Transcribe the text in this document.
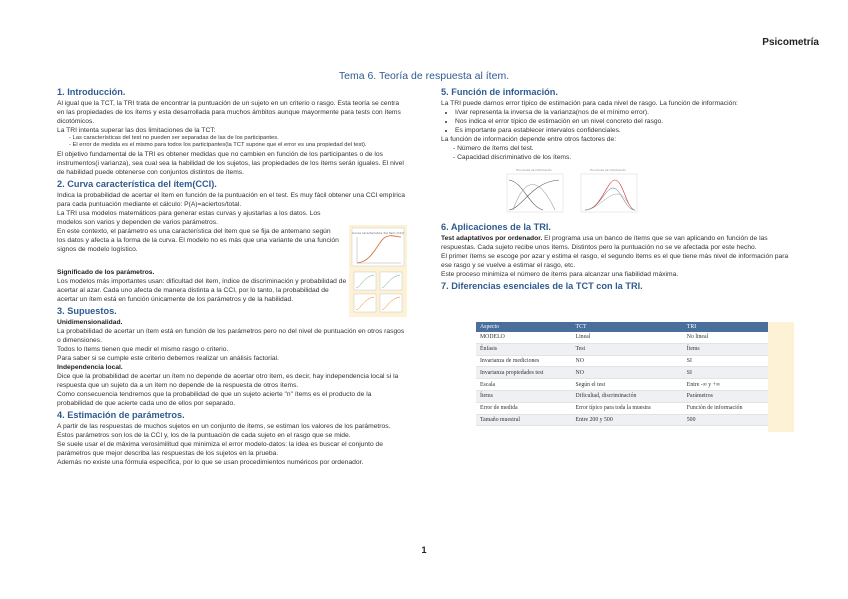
Psicometría
Tema 6. Teoría de respuesta al ítem.
1. Introducción.

Al igual que la TCT, la TRI trata de encontrar la puntuación de un sujeto en un criterio o rasgo. Esta teoría se centra en las propiedades de los ítems y esta desarrollada para muchos ámbitos aunque mayormente para tests con ítems dicotómicos.

La TRI intenta superar las dos limitaciones de la TCT:

- Las características del test no pueden ser separadas de las de los participantes.
- El error de medida es el mismo para todos los participantes(la TCT supone que el error es una propiedad del test).

El objetivo fundamental de la TRI es obtener medidas que no cambien en función de los participantes o de los instrumentos(i varianza), sea cual sea la habilidad de los sujetos, las propiedades de los ítems serán iguales. El nivel de habilidad puede obtenerse con conjuntos distintos de ítems.

2. Curva característica del ítem(CCI).

Indica la probabilidad de acertar el ítem en función de la puntuación en el test. Es muy fácil obtener una CCI empírica para cada puntuación mediante el cálculo: P(A)=aciertos/total.

La TRI usa modelos matemáticos para generar estas curvas y ajustarlas a los datos. Los modelos son varios y dependen de varios parámetros.

En este contexto, el parámetro es una característica del ítem que se fija de antemano según los datos y afecta a la forma de la curva. El modelo no es más que una variante de una función signos de modelo logístico.

Significado de los parámetros.

Los modelos más importantes usan: dificultad del ítem, índice de discriminación y probabilidad de acertar al azar. Cada uno afecta de manera distinta a la CCI, por lo tanto, la probabilidad de acertar un ítem está en función únicamente de los parámetros y de la habilidad.

3. Supuestos.

Unidimensionalidad.

La probabilidad de acertar un ítem está en función de los parámetros pero no del nivel de puntuación en otros rasgos o dimensiones.

Todos lo ítems tienen que medir el mismo rasgo o criterio.

Para saber si se cumple este criterio debemos realizar un análisis factorial.

Independencia local.

Dice que la probabilidad de acertar un ítem no depende de acertar otro ítem, es decir, hay independencia local si la respuesta que un sujeto da a un ítem no depende de la respuesta de otros ítems.

Como consecuencia tendremos que la probabilidad de que un sujeto acierte "n" ítems es el producto de la probabilidad de que acierte cada uno de ellos por separado.

4. Estimación de parámetros.

A partir de las respuestas de muchos sujetos en un conjunto de ítems, se estiman los valores de los parámetros. Estos parámetros son los de la CCI y, los de la puntuación de cada sujeto en el rasgo que se mide.

Se suele usar el de máxima verosimilitud que minimiza el error modelo-datos: la idea es buscar el conjunto de parámetros que mejor describa las respuestas de los sujetos en la prueba.

Además no existe una fórmula específica, por lo que se usan procedimientos numéricos por ordenador.

Curva característica del ítem (CCI)
5. Función de información.

La TRI puede darnos error típico de estimación para cada nivel de rasgo. La función de información:

• I/var representa la inversa de la varianza(nos de el mínimo error).
• Nos indica el error típico de estimación en un nivel concreto del rasgo.
• Es importante para establecer intervalos confidenciales.

La función de información depende entre otros factores de:

- Número de ítems del test.
- Capacidad discriminativo de los ítems.
Funciones de información	Funciones de información
6. Aplicaciones de la TRI.

Test adaptativos por ordenador. El programa usa un banco de ítems que se van aplicando en función de las respuestas. Cada sujeto recibe unos ítems. Distintos pero la puntuación no se ve afectada por este hecho.

El primer ítems se escoge por azar y estima el rasgo, el segundo ítems es el que tiene más nivel de información para ese rasgo y se vuelve a estimar el rasgo, etc.

Este proceso minimiza el número de ítems para alcanzar una fiabilidad máxima.

7. Diferencias esenciales de la TCT con la TRI.
Aspecto	TCT	TRI
MODELO	Lineal	No lineal
Énfasis	Test	Ítems
Invarianza de mediciones	NO	SI
Invarianza propiedades test	NO	SI
Escala	Según el test	Entre -∞ y +∞
Ítems	Dificultad, discriminación	Parámetros
Error de medida	Error típico para toda la muestra	Función de información
Tamaño muestral	Entre 200 y 500	500
1
